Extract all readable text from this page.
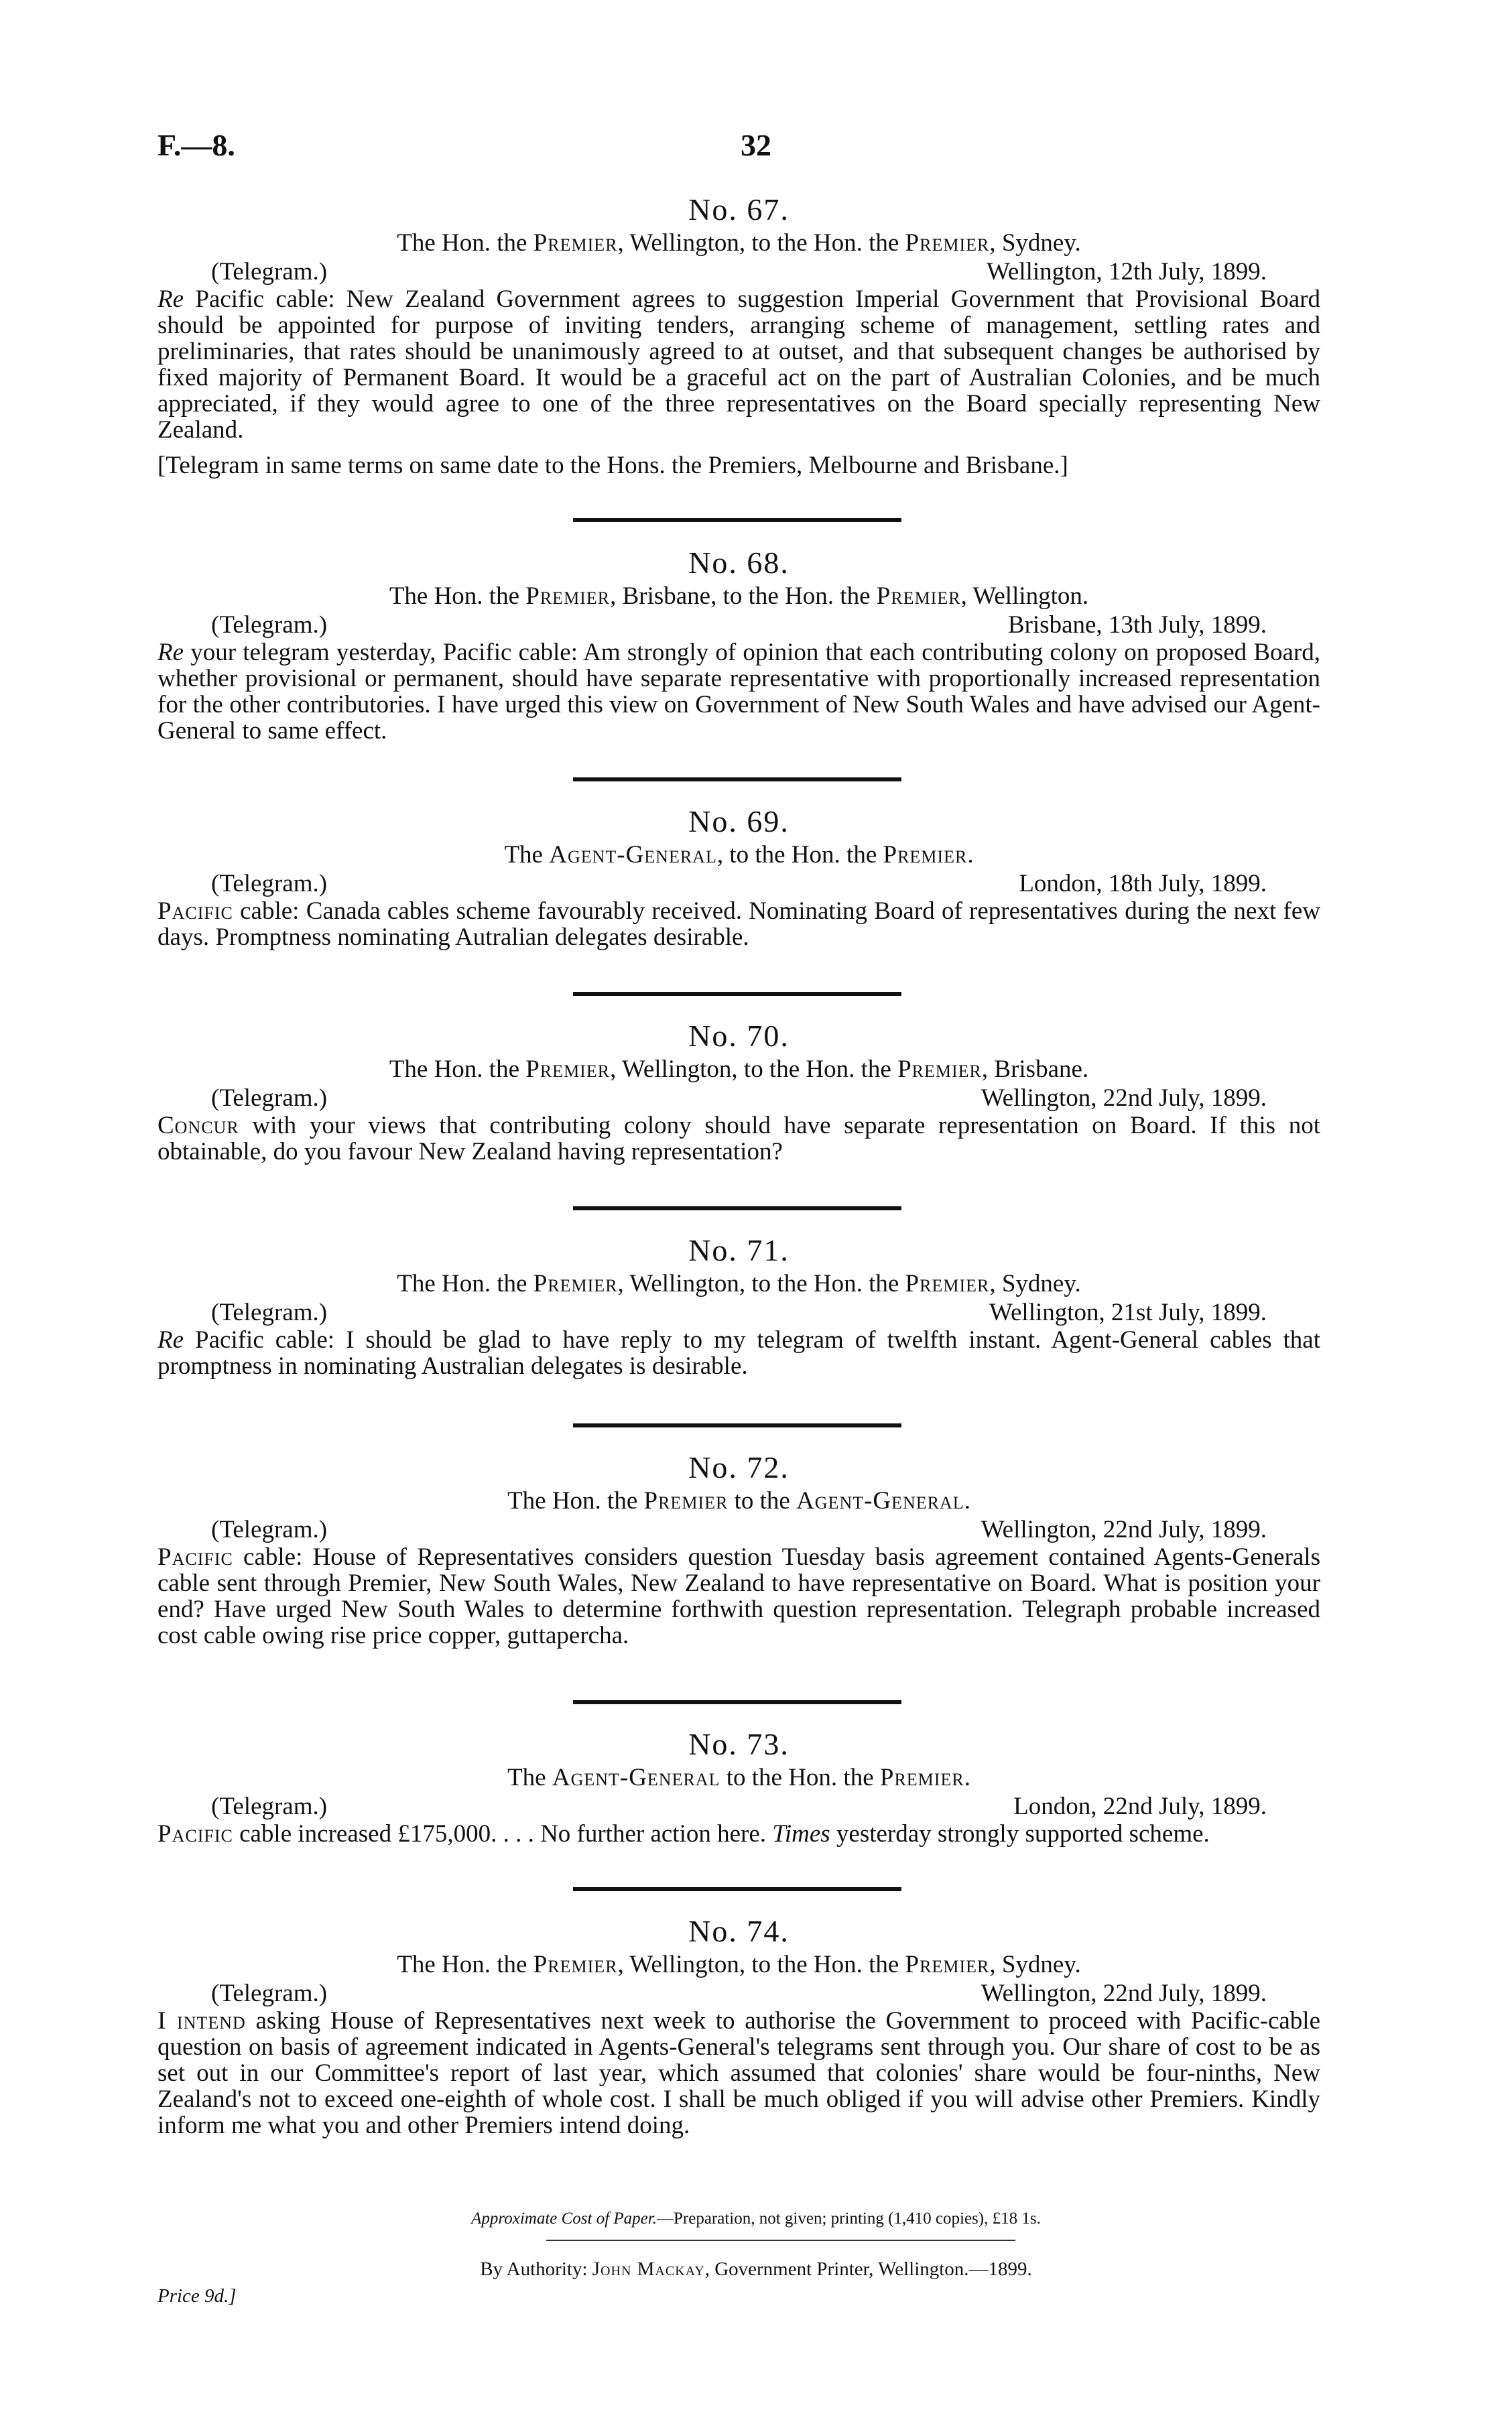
F.—8.	32
No. 67.
The Hon. the Premier, Wellington, to the Hon. the Premier, Sydney.
(Telegram.)	Wellington, 12th July, 1899.

Re Pacific cable: New Zealand Government agrees to suggestion Imperial Government that Provisional Board should be appointed for purpose of inviting tenders, arranging scheme of management, settling rates and preliminaries, that rates should be unanimously agreed to at outset, and that subsequent changes be authorised by fixed majority of Permanent Board. It would be a graceful act on the part of Australian Colonies, and be much appreciated, if they would agree to one of the three representatives on the Board specially representing New Zealand.

[Telegram in same terms on same date to the Hons. the Premiers, Melbourne and Brisbane.]

No. 68.
The Hon. the Premier, Brisbane, to the Hon. the Premier, Wellington.
(Telegram.)	Brisbane, 13th July, 1899.

Re your telegram yesterday, Pacific cable: Am strongly of opinion that each contributing colony on proposed Board, whether provisional or permanent, should have separate representative with proportionally increased representation for the other contributories. I have urged this view on Government of New South Wales and have advised our Agent-General to same effect.

No. 69.
The Agent-General, to the Hon. the Premier.
(Telegram.)	London, 18th July, 1899.

Pacific cable: Canada cables scheme favourably received. Nominating Board of representatives during the next few days. Promptness nominating Autralian delegates desirable.

No. 70.
The Hon. the Premier, Wellington, to the Hon. the Premier, Brisbane.
(Telegram.)	Wellington, 22nd July, 1899.

Concur with your views that contributing colony should have separate representation on Board. If this not obtainable, do you favour New Zealand having representation?

No. 71.
The Hon. the Premier, Wellington, to the Hon. the Premier, Sydney.
(Telegram.)	Wellington, 21st July, 1899.

Re Pacific cable: I should be glad to have reply to my telegram of twelfth instant. Agent-General cables that promptness in nominating Australian delegates is desirable.

No. 72.
The Hon. the Premier to the Agent-General.
(Telegram.)	Wellington, 22nd July, 1899.

Pacific cable: House of Representatives considers question Tuesday basis agreement contained Agents-Generals cable sent through Premier, New South Wales, New Zealand to have representative on Board. What is position your end? Have urged New South Wales to determine forthwith question representation. Telegraph probable increased cost cable owing rise price copper, guttapercha.

No. 73.
The Agent-General to the Hon. the Premier.
(Telegram.)	London, 22nd July, 1899.

Pacific cable increased £175,000. . . . No further action here. Times yesterday strongly supported scheme.

No. 74.
The Hon. the Premier, Wellington, to the Hon. the Premier, Sydney.
(Telegram.)	Wellington, 22nd July, 1899.

I intend asking House of Representatives next week to authorise the Government to proceed with Pacific-cable question on basis of agreement indicated in Agents-General's telegrams sent through you. Our share of cost to be as set out in our Committee's report of last year, which assumed that colonies' share would be four-ninths, New Zealand's not to exceed one-eighth of whole cost. I shall be much obliged if you will advise other Premiers. Kindly inform me what you and other Premiers intend doing.

Approximate Cost of Paper.—Preparation, not given; printing (1,410 copies), £18 1s.
By Authority: John Mackay, Government Printer, Wellington.—1899.
Price 9d.]
